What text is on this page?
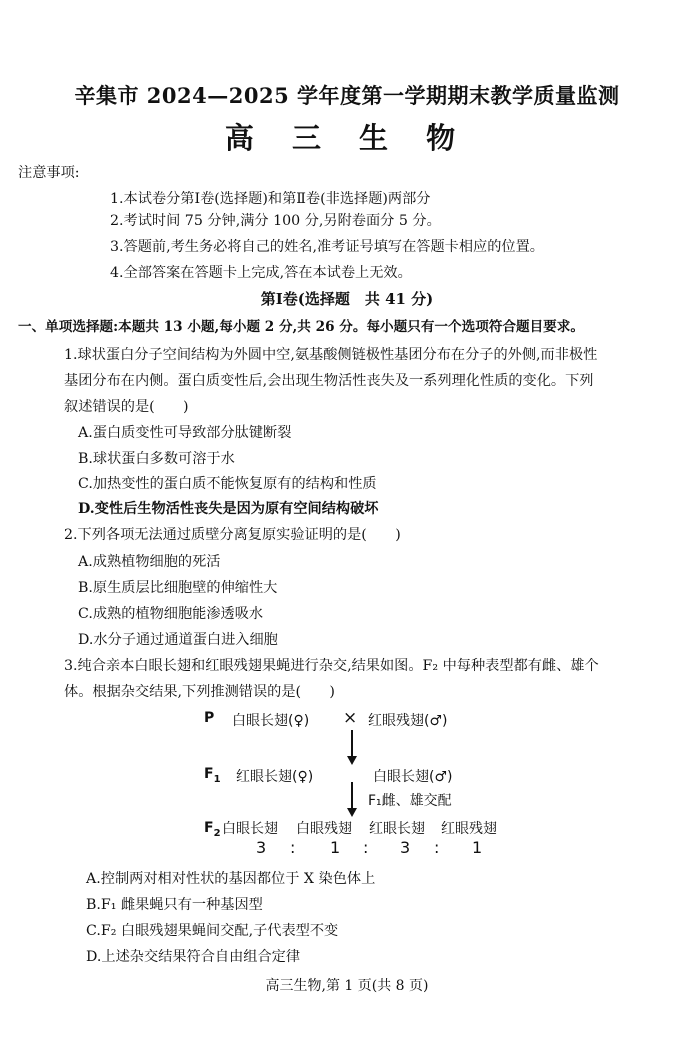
辛集市 2024—2025 学年度第一学期期末教学质量监测
高 三 生 物
注意事项:
1.本试卷分第Ⅰ卷(选择题)和第Ⅱ卷(非选择题)两部分
2.考试时间 75 分钟,满分 100 分,另附卷面分 5 分。
3.答题前,考生务必将自己的姓名,准考证号填写在答题卡相应的位置。
4.全部答案在答题卡上完成,答在本试卷上无效。
第Ⅰ卷(选择题　共 41 分)
一、单项选择题:本题共 13 小题,每小题 2 分,共 26 分。每小题只有一个选项符合题目要求。
1.球状蛋白分子空间结构为外圆中空,氨基酸侧链极性基团分布在分子的外侧,而非极性
基团分布在内侧。蛋白质变性后,会出现生物活性丧失及一系列理化性质的变化。下列
叙述错误的是(　　)
A.蛋白质变性可导致部分肽键断裂
B.球状蛋白多数可溶于水
C.加热变性的蛋白质不能恢复原有的结构和性质
D.变性后生物活性丧失是因为原有空间结构破坏
2.下列各项无法通过质壁分离复原实验证明的是(　　)
A.成熟植物细胞的死活
B.原生质层比细胞壁的伸缩性大
C.成熟的植物细胞能渗透吸水
D.水分子通过通道蛋白进入细胞
3.纯合亲本白眼长翅和红眼残翅果蝇进行杂交,结果如图。F₂ 中每种表型都有雌、雄个
体。根据杂交结果,下列推测错误的是(　　)
P 白眼长翅(♀) × 红眼残翅(♂)
$F_1$ 红眼长翅(♀)	白眼长翅(♂)
F₁雌、雄交配
$F_2$ 白眼长翅 白眼残翅 红眼长翅 红眼残翅
3 : 1 : 3 : 1
A.控制两对相对性状的基因都位于 X 染色体上
B.F₁ 雌果蝇只有一种基因型
C.F₂ 白眼残翅果蝇间交配,子代表型不变
D.上述杂交结果符合自由组合定律
高三生物,第 1 页(共 8 页)
